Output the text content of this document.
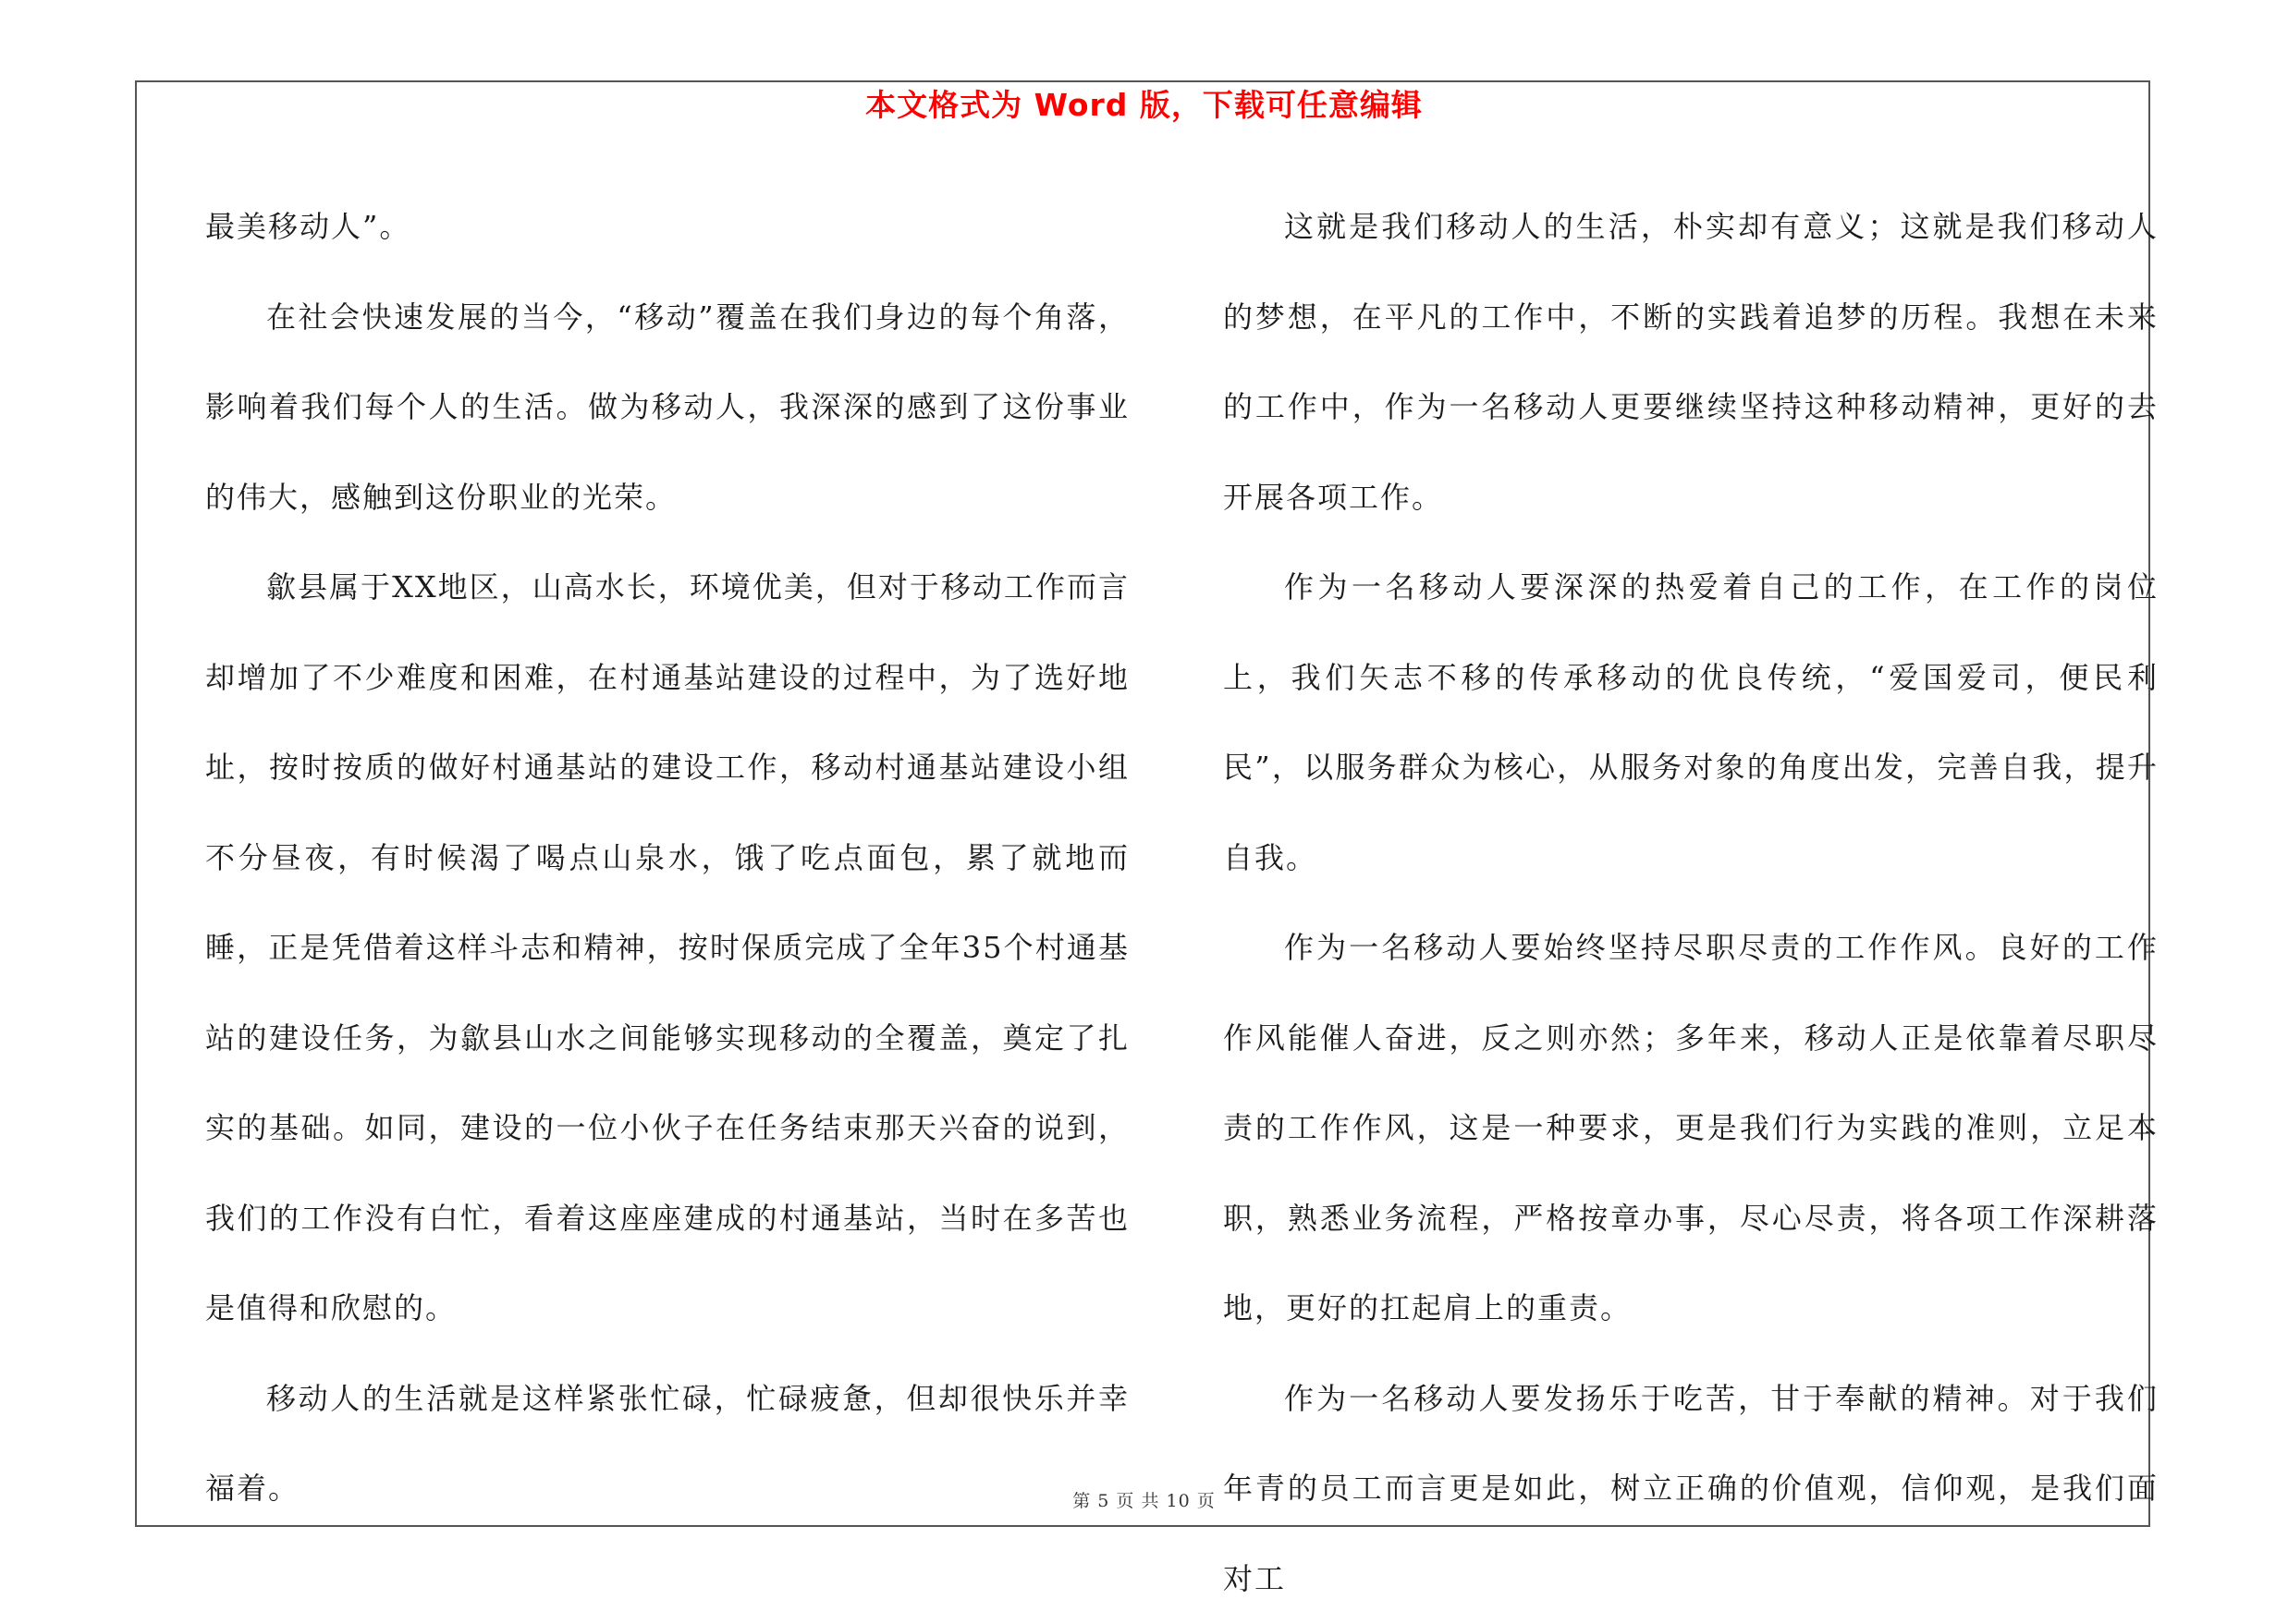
本文格式为 Word 版，下载可任意编辑

最美移动人”。

在社会快速发展的当今，“移动”覆盖在我们身边的每个角落，影响着我们每个人的生活。做为移动人，我深深的感到了这份事业的伟大，感触到这份职业的光荣。

歙县属于XX地区，山高水长，环境优美，但对于移动工作而言却增加了不少难度和困难，在村通基站建设的过程中，为了选好地址，按时按质的做好村通基站的建设工作，移动村通基站建设小组不分昼夜，有时候渴了喝点山泉水，饿了吃点面包，累了就地而睡，正是凭借着这样斗志和精神，按时保质完成了全年35个村通基站的建设任务，为歙县山水之间能够实现移动的全覆盖，奠定了扎实的基础。如同，建设的一位小伙子在任务结束那天兴奋的说到，我们的工作没有白忙，看着这座座建成的村通基站，当时在多苦也是值得和欣慰的。

移动人的生活就是这样紧张忙碌，忙碌疲惫，但却很快乐并幸福着。

这就是我们移动人的生活，朴实却有意义；这就是我们移动人的梦想，在平凡的工作中，不断的实践着追梦的历程。我想在未来的工作中，作为一名移动人更要继续坚持这种移动精神，更好的去开展各项工作。

作为一名移动人要深深的热爱着自己的工作，在工作的岗位上，我们矢志不移的传承移动的优良传统，“爱国爱司，便民利民”，以服务群众为核心，从服务对象的角度出发，完善自我，提升自我。

作为一名移动人要始终坚持尽职尽责的工作作风。良好的工作作风能催人奋进，反之则亦然；多年来，移动人正是依靠着尽职尽责的工作作风，这是一种要求，更是我们行为实践的准则，立足本职，熟悉业务流程，严格按章办事，尽心尽责，将各项工作深耕落地，更好的扛起肩上的重责。

作为一名移动人要发扬乐于吃苦，甘于奉献的精神。对于我们年青的员工而言更是如此，树立正确的价值观，信仰观，是我们面对工

第 5 页 共 10 页
